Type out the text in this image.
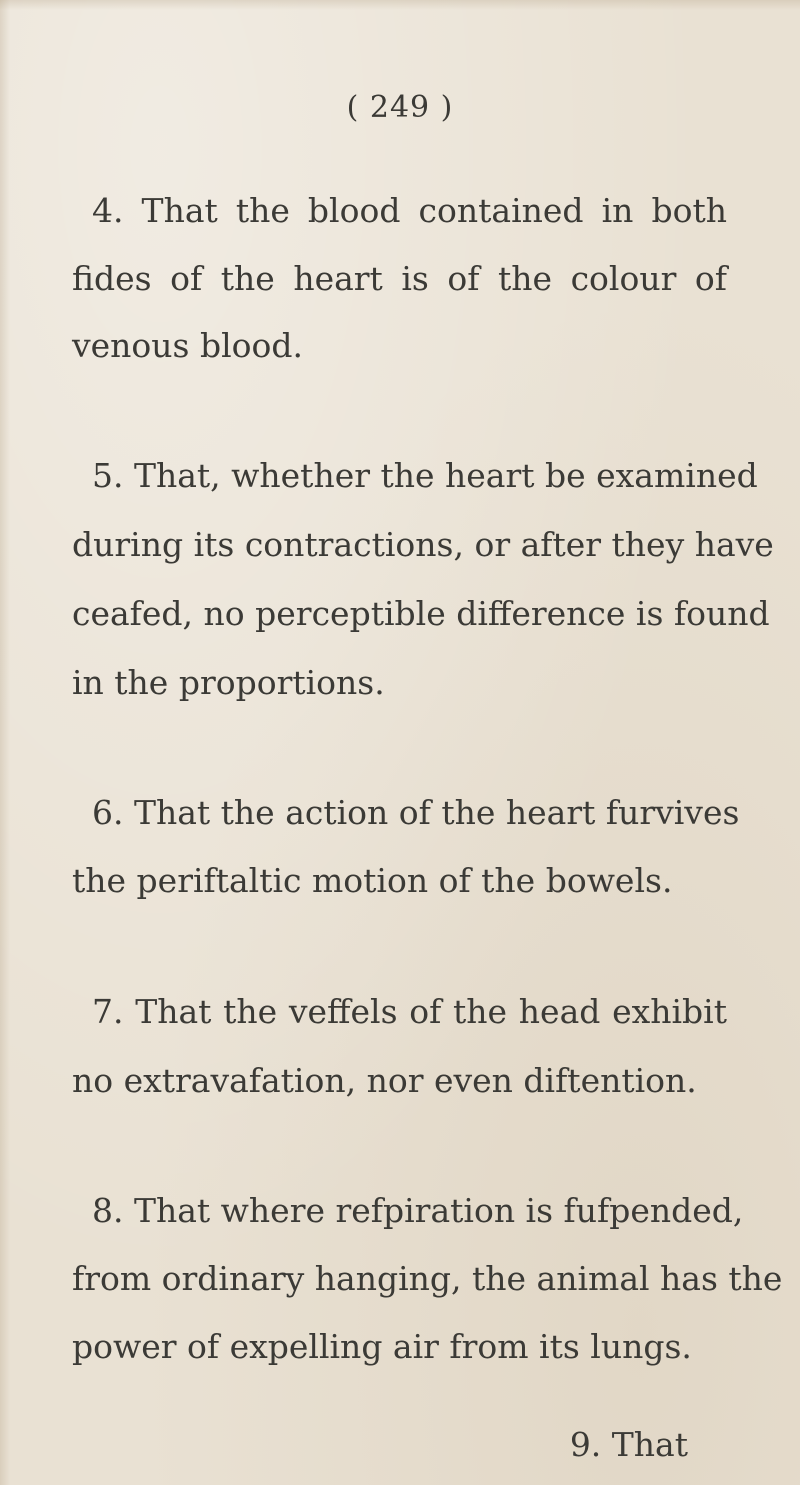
( 249 )
4. That the blood contained in both
fides of the heart is of the colour of
venous blood.
5. That, whether the heart be examined
during its contractions, or after they have
ceafed, no perceptible difference is found
in the proportions.
6. That the action of the heart furvives
the periftaltic motion of the bowels.
7. That the veffels of the head exhibit
no extravafation, nor even diftention.
8. That where refpiration is fufpended,
from ordinary hanging, the animal has the
power of expelling air from its lungs.
9. That
